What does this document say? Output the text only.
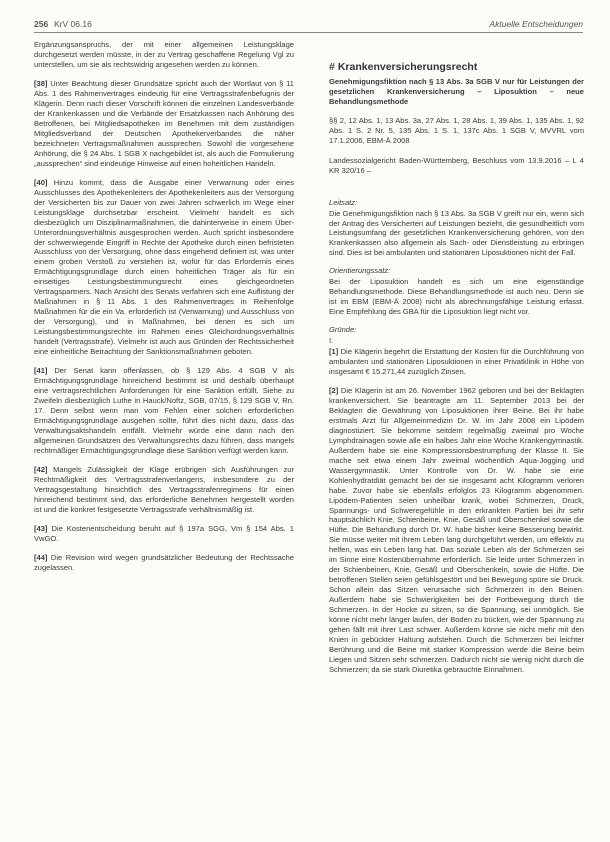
256 KrV 06.16	Aktuelle Entscheidungen

Ergänzungsanspruchs, der mit einer allgemeinen Leistungsklage durchgesetzt werden müsste, in der zu Vertrag geschaffene Regelung Vgl zu unterstellen, um sie als rechtswidrig angesehen werden zu können.

[38] Unter Beachtung dieser Grundsätze spricht auch der Wortlaut von § 11 Abs. 1 des Rahmenvertrages eindeutig für eine Vertragsstrafenbefugnis der Klägerin. Denn nach dieser Vorschrift können die einzelnen Landesverbände der Krankenkassen und die Verbände der Ersatzkassen nach Anhörung des Betroffenen, bei Mitgliedsapotheken im Benehmen mit dem zuständigen Mitgliedsverband der Deutschen Apothekerverbandes die näher bezeichneten Vertragsmaßnahmen aussprechen. Sowohl die vorgesehene Anhörung, die § 24 Abs. 1 SGB X nachgebildet ist, als auch die Formulierung „aussprechen“ sind eindeutige Hinweise auf einen hoheitlichen Handeln.

[40] Hinzu kommt, dass die Ausgabe einer Verwarnung oder eines Ausschlusses des Apothekenleiters der Apothekenleiters aus der Versorgung der Versicherten bis zur Dauer von zwei Jahren schwerlich im Wege einer Leistungsklage durchsetzbar erscheint. Vielmehr handelt es sich diesbezüglich um Disziplinarmaßnahmen, die dahinterweise in einem Über-Unterordnungsverhältnis ausgesprochen werden. Auch spricht insbesondere der schwerwiegende Eingriff in Rechte der Apotheke durch einen befristeten Ausschluss von der Versorgung, ohne dass eingehend definiert ist, was unter einem groben Verstoß zu verstehen ist, wofür für das Erfordernis eines Ermächtigungsgrundlage durch einen hoheitlichen Träger als für ein einseitiges Leistungsbestimmungsrecht eines gleichgeordneten Vertragspartners. Nach Ansicht des Senats verfahren sich eine Auflistung der Maßnahmen in § 11 Abs. 1 des Rahmenvertrages in Reihenfolge Maßnahmen für die ein Va. erforderlich ist (Verwarnung) und Ausschluss von der Versorgung), und in Maßnahmen, bei denen es sich um Leistungsbestimmungsrechte im Rahmen eines Gleichordnungsverhältnis handelt (Vertragsstrafe). Vielmehr ist auch aus Gründen der Rechtssicherheit eine einheitliche Betrachtung der Sanktionsmaßnahmen geboten.

[41] Der Senat kann offenlassen, ob § 129 Abs. 4 SGB V als Ermächtigungsgrundlage hinreichend bestimmt ist und deshalb überhaupt eine vertragsrechtlichen Anforderungen für eine Sanktion erfüllt. Siehe zu Zweifeln diesbezüglich Luthe in Hauck/Noftz, SGB, 07/15, § 129 SGB V, Rn. 17. Denn selbst wenn man vom Fehlen einer solchen erforderlichen Ermächtigungsgrundlage ausgehen sollte, führt dies nicht dazu, dass das Verwaltungsaktshandeln entfällt. Vielmehr würde eine dann nach den allgemeinen Grundsätzen des Verwaltungsrechts dazu führen, dass mangels rechtmäßiger Ermächtigungsgrundlage diese Sanktion verfügt werden kann.

[42] Mangels Zulässigkeit der Klage erübrigen sich Ausführungen zur Rechtmäßigkeit des Vertragsstrafenverlangens, insbesondere zu der Vertragsgestaltung hinsichtlich des Vertragsstrafenregimens für einen hinreichend bestimmt sind, das erforderliche Benehmen hergestellt worden ist und die konkret festgesetzte Vertragsstrafe verhältnismäßig ist.

[43] Die Kostenentscheidung beruht auf § 197a SGG, Vm § 154 Abs. 1 VwGO.

[44] Die Revision wird wegen grundsätzlicher Bedeutung der Rechtssache zugelassen.

# Krankenversicherungsrecht

Genehmigungsfiktion nach § 13 Abs. 3a SGB V nur für Leistungen der gesetzlichen Krankenversicherung – Liposuktion – neue Behandlungsmethode

§§ 2, 12 Abs. 1, 13 Abs. 3a, 27 Abs. 1, 28 Abs. 1, 39 Abs. 1, 135 Abs. 1, 92 Abs. 1 S. 2 Nr. 5, 135 Abs. 1 S. 1, 137c Abs. 1 SGB V, MVVRL vom 17.1.2006, EBM-Ä 2008

Landessozialgericht Baden-Württemberg, Beschluss vom 13.9.2016 – L 4 KR 320/16 –

Leitsatz:

Die Genehmigungsfiktion nach § 13 Abs. 3a SGB V greift nur ein, wenn sich der Antrag des Versicherten auf Leistungen bezieht, die gesundheitlich vom Leistungsumfang der gesetzlichen Krankenversicherung gehören, von den Krankenkassen also allgemein als Sach- oder Dienstleistung zu erbringen sind. Dies ist bei ambulanten und stationären Liposuktionen nicht der Fall.

Orientierungssatz:

Bei der Liposuktion handelt es sich um eine eigenständige Behandlungsmethode. Diese Behandlungsmethode ist auch neu. Denn sie ist im EBM (EBM-Ä 2008) nicht als abrechnungsfähige Leistung erfasst. Eine Empfehlung des GBA für die Liposuktion liegt nicht vor.

Gründe:

I.

[1] Die Klägerin begehrt die Erstattung der Kosten für die Durchführung von ambulanten und stationären Liposuktionen in einer Privatklinik in Höhe von insgesamt € 15.271,44 zuzüglich Zinsen.

[2] Die Klägerin ist am 26. November 1962 geboren und bei der Beklagten krankenversichert. Sie beantragte am 11. September 2013 bei der Beklagten die Gewährung von Liposuktionen ihrer Beine. Bei ihr habe erstmals Arzt für Allgemeinmedizin Dr. W. im Jahr 2008 ein Lipödem diagnostiziert. Sie bekomme seitdem regelmäßig zweimal pro Woche Lymphdrainagen sowie alle ein halbes Jahr eine Woche Krankengymnastik. Außerdem habe sie eine Kompressionsbestrumpfung der Klasse II. Sie mache seit etwa einem Jahr zweimal wöchentlich Aqua-Jogging und Wassergymnastik. Unter Kontrolle von Dr. W. habe sie eine Kohlenhydratdiät gemacht bei der sie insgesamt acht Kilogramm verloren habe. Zuvor habe sie ebenfalls erfolglos 23 Kilogramm abgenommen. Lipödem-Patienten seien unheilbar krank, wobei Schmerzen, Druck, Spannungs- und Schweregefühle in den erkrankten Partien bei ihr sehr hauptsächlich Knie, Schienbeine, Knie, Gesäß und Oberschenkel sowie die Hüfte. Die Behandlung durch Dr. W. habe bisher keine Besserung bewirkt. Sie müsse weiter mit ihrem Leben lang durchgeführt werden, um effektiv zu helfen, was ein Leben lang hat. Das soziale Leben als der Schmerzen sei im Sinne eine Kostenübernahme erforderlich. Sie leide unter Schmerzen in der Schienbeinen, Knie, Gesäß und Oberschenkeln, sowie die Hüfte. Die betroffenen Stellen seien gefühlsgestört und bei Bewegung spüre sie Druck. Schon allein das Sitzen verursache sich Schmerzen in den Beinen. Außerdem habe sie Schwierigkeiten bei der Fortbewegung durch die Schmerzen. In der Hocke zu sitzen, so die Spannung, sei unmöglich. Sie könne nicht mehr länger laufen, der Boden zu bücken, wie der Spannung zu gehen fällt mit ihrer Last schwer. Außerdem könne sie nicht mehr mit den Knien in gebückter Haltung aufstehen. Durch die Schmerzen bei leichter Berührung und die Beine mit starker Kompression werde die Beine beim Liegen und Sitzen sehr schmerzen. Dadurch nicht sie wenig nicht durch die Schmerzen; da sie stark Diuretika gebrauchte Einnahmen.
